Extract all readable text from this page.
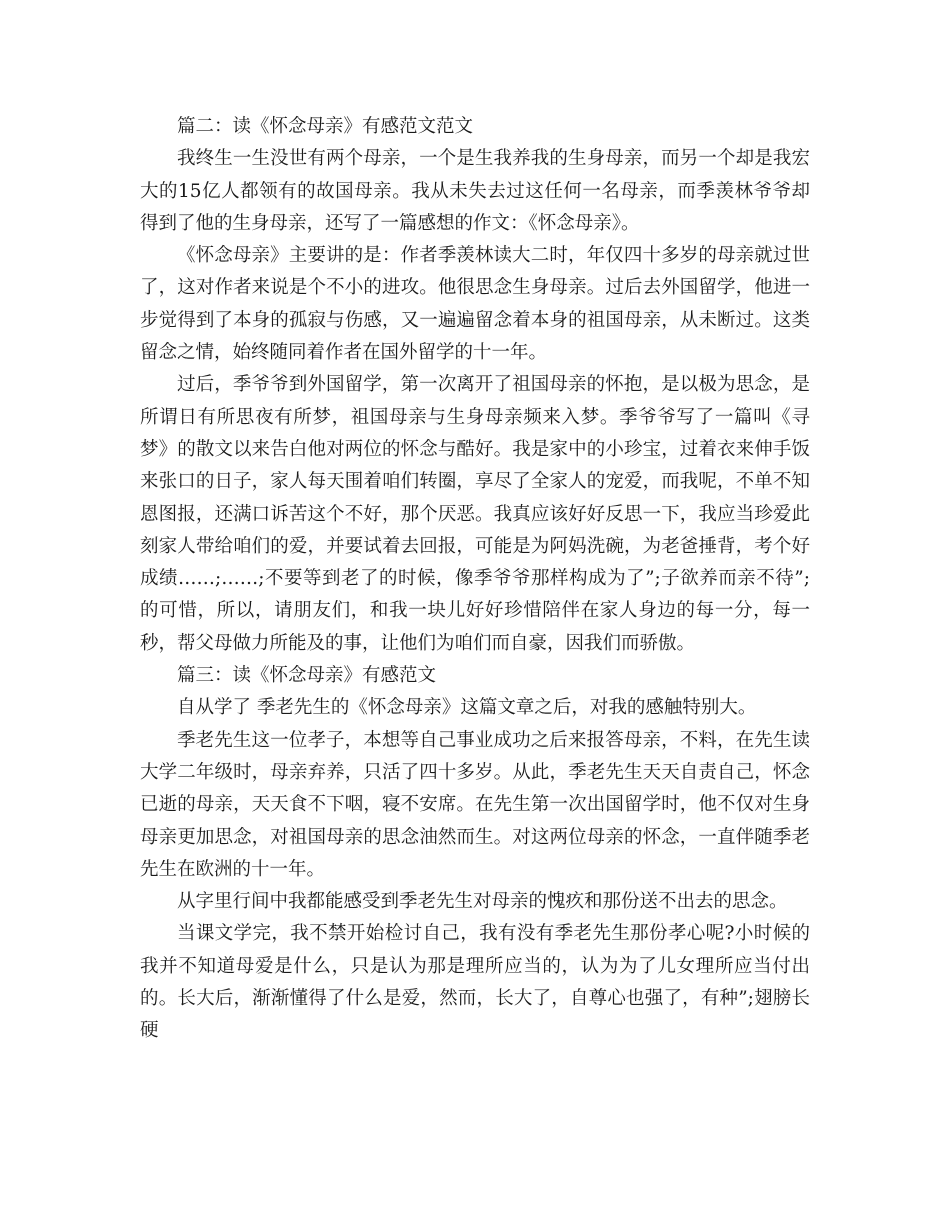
篇二：读《怀念母亲》有感范文范文

我终生一生没世有两个母亲，一个是生我养我的生身母亲，而另一个却是我宏大的15亿人都领有的故国母亲。我从未失去过这任何一名母亲，而季羡林爷爷却得到了他的生身母亲，还写了一篇感想的作文：《怀念母亲》。

《怀念母亲》主要讲的是：作者季羡林读大二时，年仅四十多岁的母亲就过世了，这对作者来说是个不小的进攻。他很思念生身母亲。过后去外国留学，他进一步觉得到了本身的孤寂与伤感，又一遍遍留念着本身的祖国母亲，从未断过。这类留念之情，始终随同着作者在国外留学的十一年。

过后，季爷爷到外国留学，第一次离开了祖国母亲的怀抱，是以极为思念，是所谓日有所思夜有所梦，祖国母亲与生身母亲频来入梦。季爷爷写了一篇叫《寻梦》的散文以来告白他对两位的怀念与酷好。我是家中的小珍宝，过着衣来伸手饭来张口的日子，家人每天围着咱们转圈，享尽了全家人的宠爱，而我呢，不单不知恩图报，还满口诉苦这个不好，那个厌恶。我真应该好好反思一下，我应当珍爱此刻家人带给咱们的爱，并要试着去回报，可能是为阿妈洗碗，为老爸捶背，考个好成绩……;……;不要等到老了的时候，像季爷爷那样构成为了”;子欲养而亲不待”;的可惜，所以，请朋友们，和我一块儿好好珍惜陪伴在家人身边的每一分，每一秒，帮父母做力所能及的事，让他们为咱们而自豪，因我们而骄傲。

篇三：读《怀念母亲》有感范文

自从学了 季老先生的《怀念母亲》这篇文章之后，对我的感触特别大。

季老先生这一位孝子，本想等自己事业成功之后来报答母亲，不料，在先生读大学二年级时，母亲弃养，只活了四十多岁。从此，季老先生天天自责自己，怀念已逝的母亲，天天食不下咽，寝不安席。在先生第一次出国留学时，他不仅对生身母亲更加思念，对祖国母亲的思念油然而生。对这两位母亲的怀念，一直伴随季老先生在欧洲的十一年。

从字里行间中我都能感受到季老先生对母亲的愧疚和那份送不出去的思念。

当课文学完，我不禁开始检讨自己，我有没有季老先生那份孝心呢?小时候的我并不知道母爱是什么，只是认为那是理所应当的，认为为了儿女理所应当付出的。长大后，渐渐懂得了什么是爱，然而，长大了，自尊心也强了，有种”;翅膀长硬
